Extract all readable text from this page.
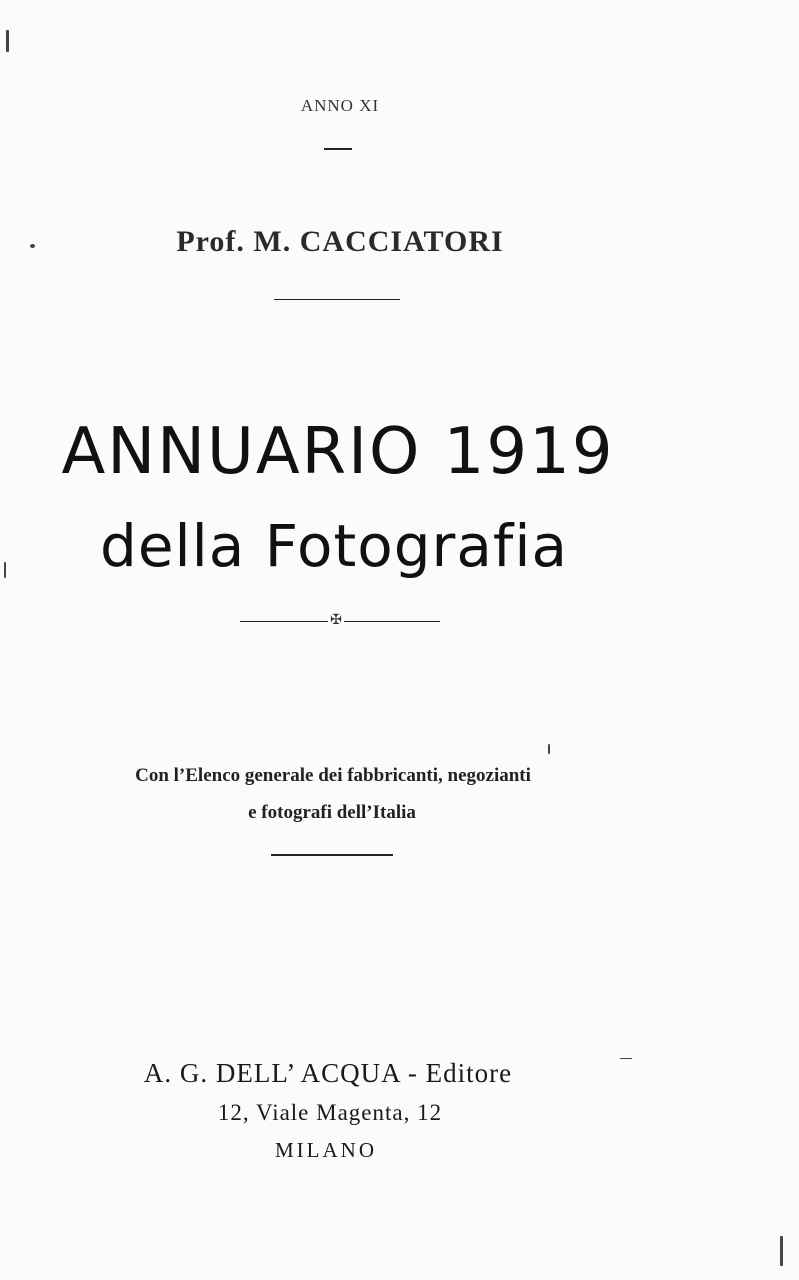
ANNO XI
Prof. M. CACCIATORI
ANNUARIO 1919
della Fotografia
✠
Con l’Elenco generale dei fabbricanti, negozianti
e fotografi dell’Italia
A. G. DELL’ ACQUA - Editore
12, Viale Magenta, 12
MILANO
